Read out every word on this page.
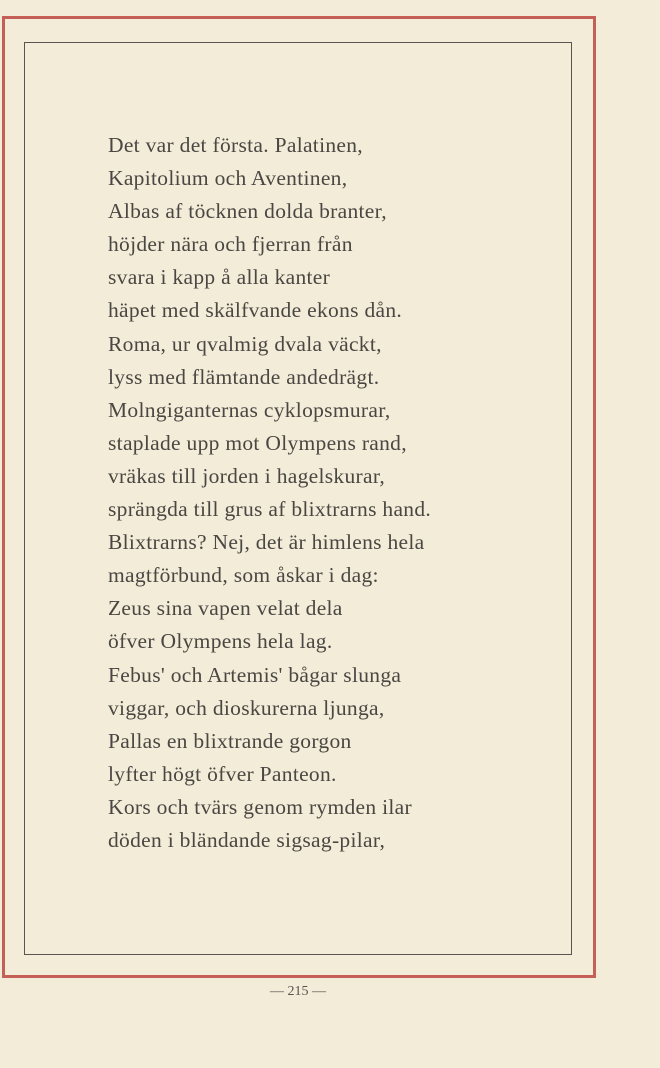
Det var det första. Palatinen,
Kapitolium och Aventinen,
Albas af töcknen dolda branter,
höjder nära och fjerran från
svara i kapp å alla kanter
häpet med skälfvande ekons dån.
Roma, ur qvalmig dvala väckt,
lyss med flämtande andedrägt.
Molngiganternas cyklopsmurar,
staplade upp mot Olympens rand,
vräkas till jorden i hagelskurar,
sprängda till grus af blixtrarns hand.
Blixtrarns? Nej, det är himlens hela
magtförbund, som åskar i dag:
Zeus sina vapen velat dela
öfver Olympens hela lag.
Febus' och Artemis' bågar slunga
viggar, och dioskurerna ljunga,
Pallas en blixtrande gorgon
lyfter högt öfver Panteon.
Kors och tvärs genom rymden ilar
döden i bländande sigsag-pilar,
— 215 —
